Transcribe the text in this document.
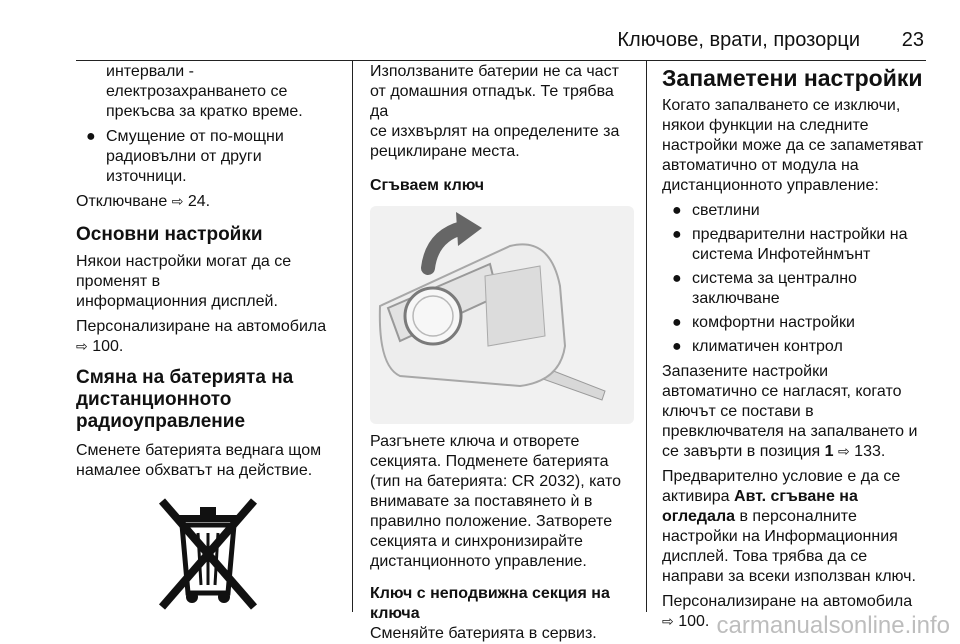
Ключове, врати, прозорци 23

интервали -

електрозахранването се

прекъсва за кратко време.

● Смущение от по-мощни

радиовълни от други

източници.

Отключване ⇨ 24.

Основни настройки

Някои настройки могат да се

променят в

информационния дисплей.

Персонализиране на автомобила

⇨ 100.

Смяна на батерията на
дистанционното
радиоуправление

Сменете батерията веднага щом

намалее обхватът на действие.

Използваните батерии не са част

от домашния отпадък. Те трябва да

се изхвърлят на определените за

рециклиране места.

Сгъваем ключ

Разгънете ключа и отворете

секцията. Подменете батерията

(тип на батерията: CR 2032), като

внимавате за поставянето ѝ в

правилно положение. Затворете

секцията и синхронизирайте

дистанционното управление.

Ключ с неподвижна секция на
ключа

Сменяйте батерията в сервиз.

Запаметени настройки

Когато запалването се изключи,

някои функции на следните

настройки може да се запаметяват

автоматично от модула на

дистанционното управление:

● светлини

● предварителни настройки на

система Инфотейнмънт

● система за централно

заключване

● комфортни настройки

● климатичен контрол

Запазените настройки

автоматично се нагласят, когато

ключът се постави в

превключвателя на запалването и

се завърти в позиция 1 ⇨ 133.

Предварително условие е да се

активира Авт. сгъване на

огледала в персоналните

настройки на Информационния

дисплей. Това трябва да се

направи за всеки използван ключ.

Персонализиране на автомобила

⇨ 100. carmanualsonline.info
